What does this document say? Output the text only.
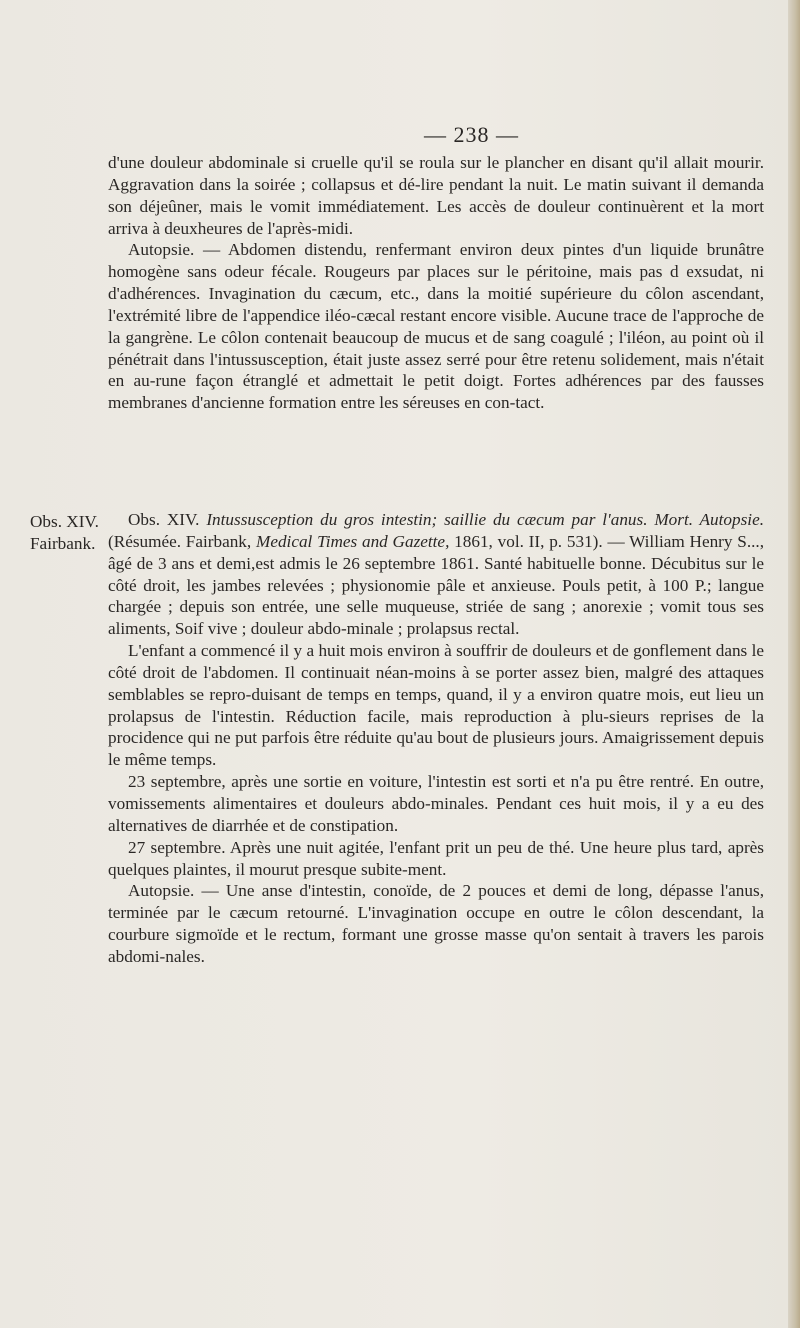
— 238 —

d'une douleur abdominale si cruelle qu'il se roula sur le plancher en disant qu'il allait mourir. Aggravation dans la soirée ; collapsus et dé-lire pendant la nuit. Le matin suivant il demanda son déjeûner, mais le vomit immédiatement. Les accès de douleur continuèrent et la mort arriva à deuxheures de l'après-midi.

Autopsie. — Abdomen distendu, renfermant environ deux pintes d'un liquide brunâtre homogène sans odeur fécale. Rougeurs par places sur le péritoine, mais pas d exsudat, ni d'adhérences. Invagination du cæcum, etc., dans la moitié supérieure du côlon ascendant, l'extrémité libre de l'appendice iléo-cæcal restant encore visible. Aucune trace de l'approche de la gangrène. Le côlon contenait beaucoup de mucus et de sang coagulé ; l'iléon, au point où il pénétrait dans l'intussusception, était juste assez serré pour être retenu solidement, mais n'était en au-rune façon étranglé et admettait le petit doigt. Fortes adhérences par des fausses membranes d'ancienne formation entre les séreuses en con-tact.

Obs. XIV.
Fairbank.

Obs. XIV. Intussusception du gros intestin; saillie du cæcum par l'anus. Mort. Autopsie. (Résumée. Fairbank, Medical Times and Gazette, 1861, vol. II, p. 531). — William Henry S..., âgé de 3 ans et demi,est admis le 26 septembre 1861. Santé habituelle bonne. Décubitus sur le côté droit, les jambes relevées ; physionomie pâle et anxieuse. Pouls petit, à 100 P.; langue chargée ; depuis son entrée, une selle muqueuse, striée de sang ; anorexie ; vomit tous ses aliments, Soif vive ; douleur abdo-minale ; prolapsus rectal.

L'enfant a commencé il y a huit mois environ à souffrir de douleurs et de gonflement dans le côté droit de l'abdomen. Il continuait néan-moins à se porter assez bien, malgré des attaques semblables se repro-duisant de temps en temps, quand, il y a environ quatre mois, eut lieu un prolapsus de l'intestin. Réduction facile, mais reproduction à plu-sieurs reprises de la procidence qui ne put parfois être réduite qu'au bout de plusieurs jours. Amaigrissement depuis le même temps.

23 septembre, après une sortie en voiture, l'intestin est sorti et n'a pu être rentré. En outre, vomissements alimentaires et douleurs abdo-minales. Pendant ces huit mois, il y a eu des alternatives de diarrhée et de constipation.

27 septembre. Après une nuit agitée, l'enfant prit un peu de thé. Une heure plus tard, après quelques plaintes, il mourut presque subite-ment.

Autopsie. — Une anse d'intestin, conoïde, de 2 pouces et demi de long, dépasse l'anus, terminée par le cæcum retourné. L'invagination occupe en outre le côlon descendant, la courbure sigmoïde et le rectum, formant une grosse masse qu'on sentait à travers les parois abdomi-nales.
